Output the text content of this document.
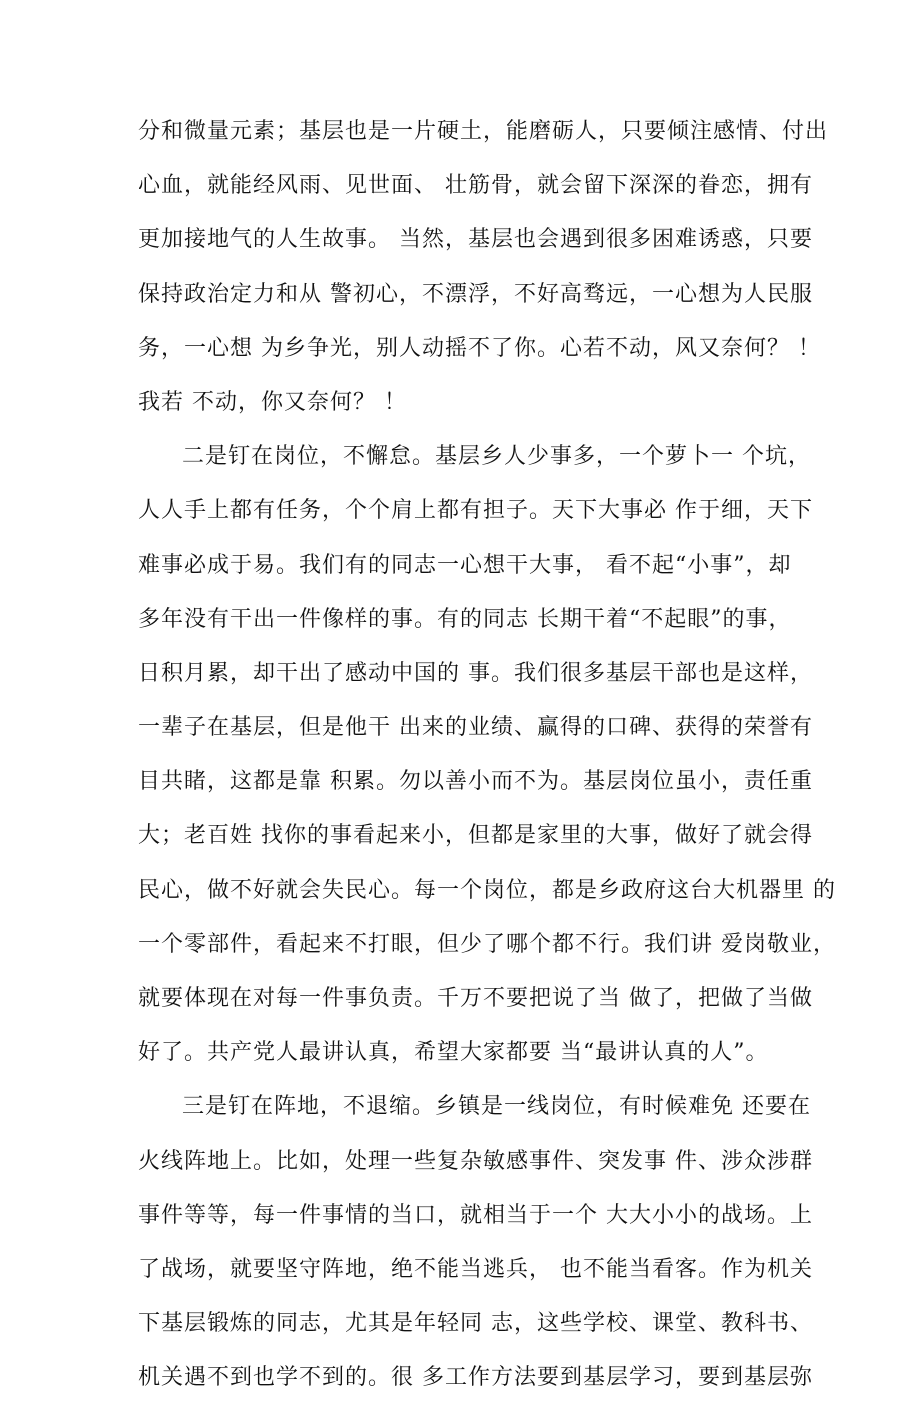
分和微量元素；基层也是一片硬土，能磨砺人，只要倾注感情、付出
心血，就能经风雨、见世面、 壮筋骨，就会留下深深的眷恋，拥有
更加接地气的人生故事。 当然，基层也会遇到很多困难诱惑，只要
保持政治定力和从 警初心，不漂浮，不好高骛远，一心想为人民服
务，一心想 为乡争光，别人动摇不了你。心若不动，风又奈何？ ！
我若 不动，你又奈何？ ！
二是钉在岗位，不懈怠。基层乡人少事多，一个萝卜一 个坑，
人人手上都有任务，个个肩上都有担子。天下大事必 作于细，天下
难事必成于易。我们有的同志一心想干大事， 看不起“小事”，却
多年没有干出一件像样的事。有的同志 长期干着“不起眼”的事，
日积月累，却干出了感动中国的 事。我们很多基层干部也是这样，
一辈子在基层，但是他干 出来的业绩、赢得的口碑、获得的荣誉有
目共睹，这都是靠 积累。勿以善小而不为。基层岗位虽小，责任重
大；老百姓 找你的事看起来小，但都是家里的大事，做好了就会得
民心，做不好就会失民心。每一个岗位，都是乡政府这台大机器里 的
一个零部件，看起来不打眼，但少了哪个都不行。我们讲 爱岗敬业，
就要体现在对每一件事负责。千万不要把说了当 做了，把做了当做
好了。共产党人最讲认真，希望大家都要 当“最讲认真的人”。
三是钉在阵地，不退缩。乡镇是一线岗位，有时候难免 还要在
火线阵地上。比如，处理一些复杂敏感事件、突发事 件、涉众涉群
事件等等，每一件事情的当口，就相当于一个 大大小小的战场。上
了战场，就要坚守阵地，绝不能当逃兵， 也不能当看客。作为机关
下基层锻炼的同志，尤其是年轻同 志，这些学校、课堂、教科书、
机关遇不到也学不到的。很 多工作方法要到基层学习，要到基层弥
